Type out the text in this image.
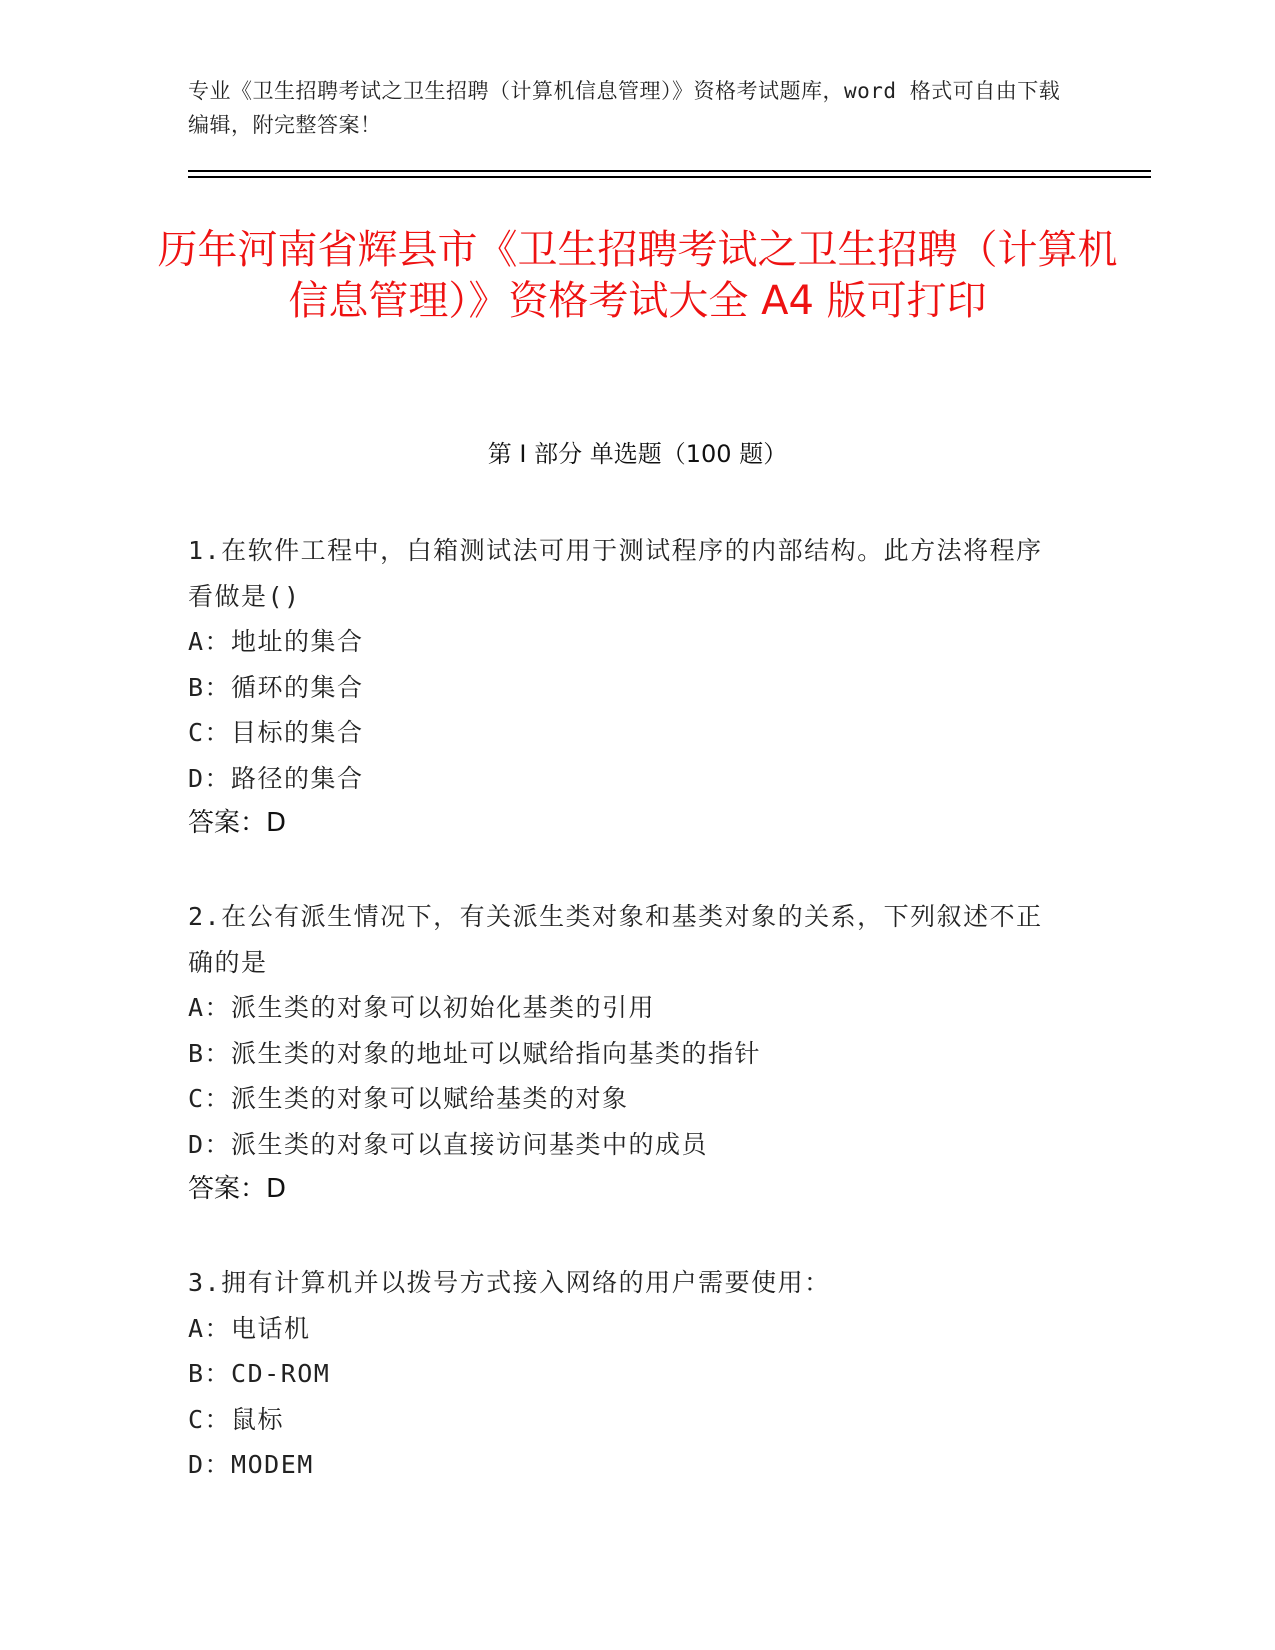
专业《卫生招聘考试之卫生招聘（计算机信息管理）》资格考试题库，word 格式可自由下载编辑，附完整答案！
历年河南省辉县市《卫生招聘考试之卫生招聘（计算机信息管理）》资格考试大全 A4 版可打印
第 I 部分 单选题（100 题）
1.在软件工程中，白箱测试法可用于测试程序的内部结构。此方法将程序看做是()
A：地址的集合
B：循环的集合
C：目标的集合
D：路径的集合
答案：D
2.在公有派生情况下，有关派生类对象和基类对象的关系，下列叙述不正确的是
A：派生类的对象可以初始化基类的引用
B：派生类的对象的地址可以赋给指向基类的指针
C：派生类的对象可以赋给基类的对象
D：派生类的对象可以直接访问基类中的成员
答案：D
3.拥有计算机并以拨号方式接入网络的用户需要使用：
A：电话机
B：CD-ROM
C：鼠标
D：MODEM
